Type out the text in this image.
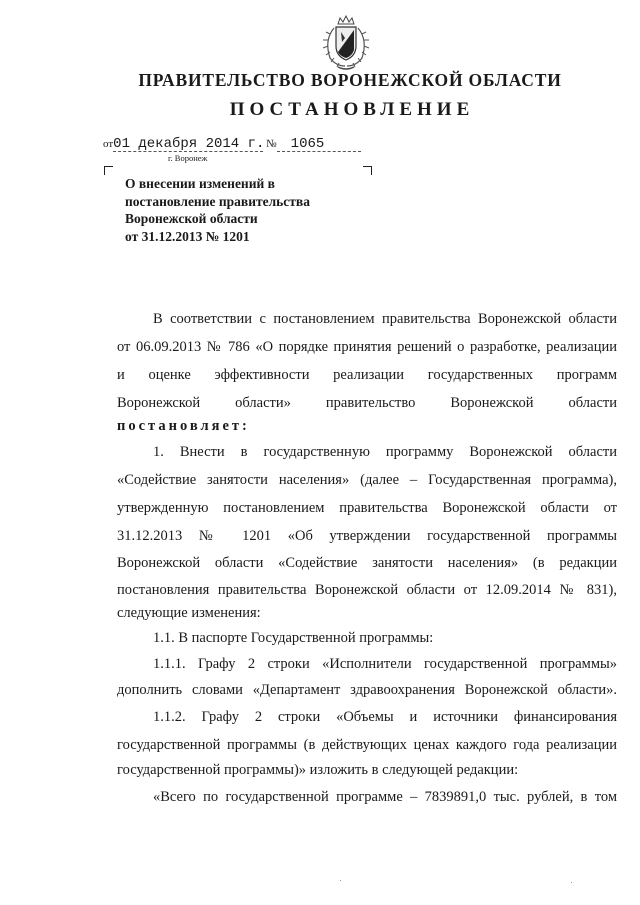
ПРАВИТЕЛЬСТВО ВОРОНЕЖСКОЙ ОБЛАСТИ
ПОСТАНОВЛЕНИЕ
от01 декабря 2014 г. № 1065
г. Воронеж
О внесении изменений в
постановление правительства
Воронежской области
от 31.12.2013 № 1201
В соответствии с постановлением правительства Воронежской области
от 06.09.2013 № 786 «О порядке принятия решений о разработке, реализации
и оценке эффективности реализации государственных программ
Воронежской области» правительство Воронежской области
постановляет:
1. Внести в государственную программу Воронежской области
«Содействие занятости населения» (далее – Государственная программа),
утвержденную постановлением правительства Воронежской области от
31.12.2013 № 1201 «Об утверждении государственной программы
Воронежской области «Содействие занятости населения» (в редакции
постановления правительства Воронежской области от 12.09.2014 № 831),
следующие изменения:
1.1. В паспорте Государственной программы:
1.1.1. Графу 2 строки «Исполнители государственной программы»
дополнить словами «Департамент здравоохранения Воронежской области».
1.1.2. Графу 2 строки «Объемы и источники финансирования
государственной программы (в действующих ценах каждого года реализации
государственной программы)» изложить в следующей редакции:
«Всего по государственной программе – 7839891,0 тыс. рублей, в том
